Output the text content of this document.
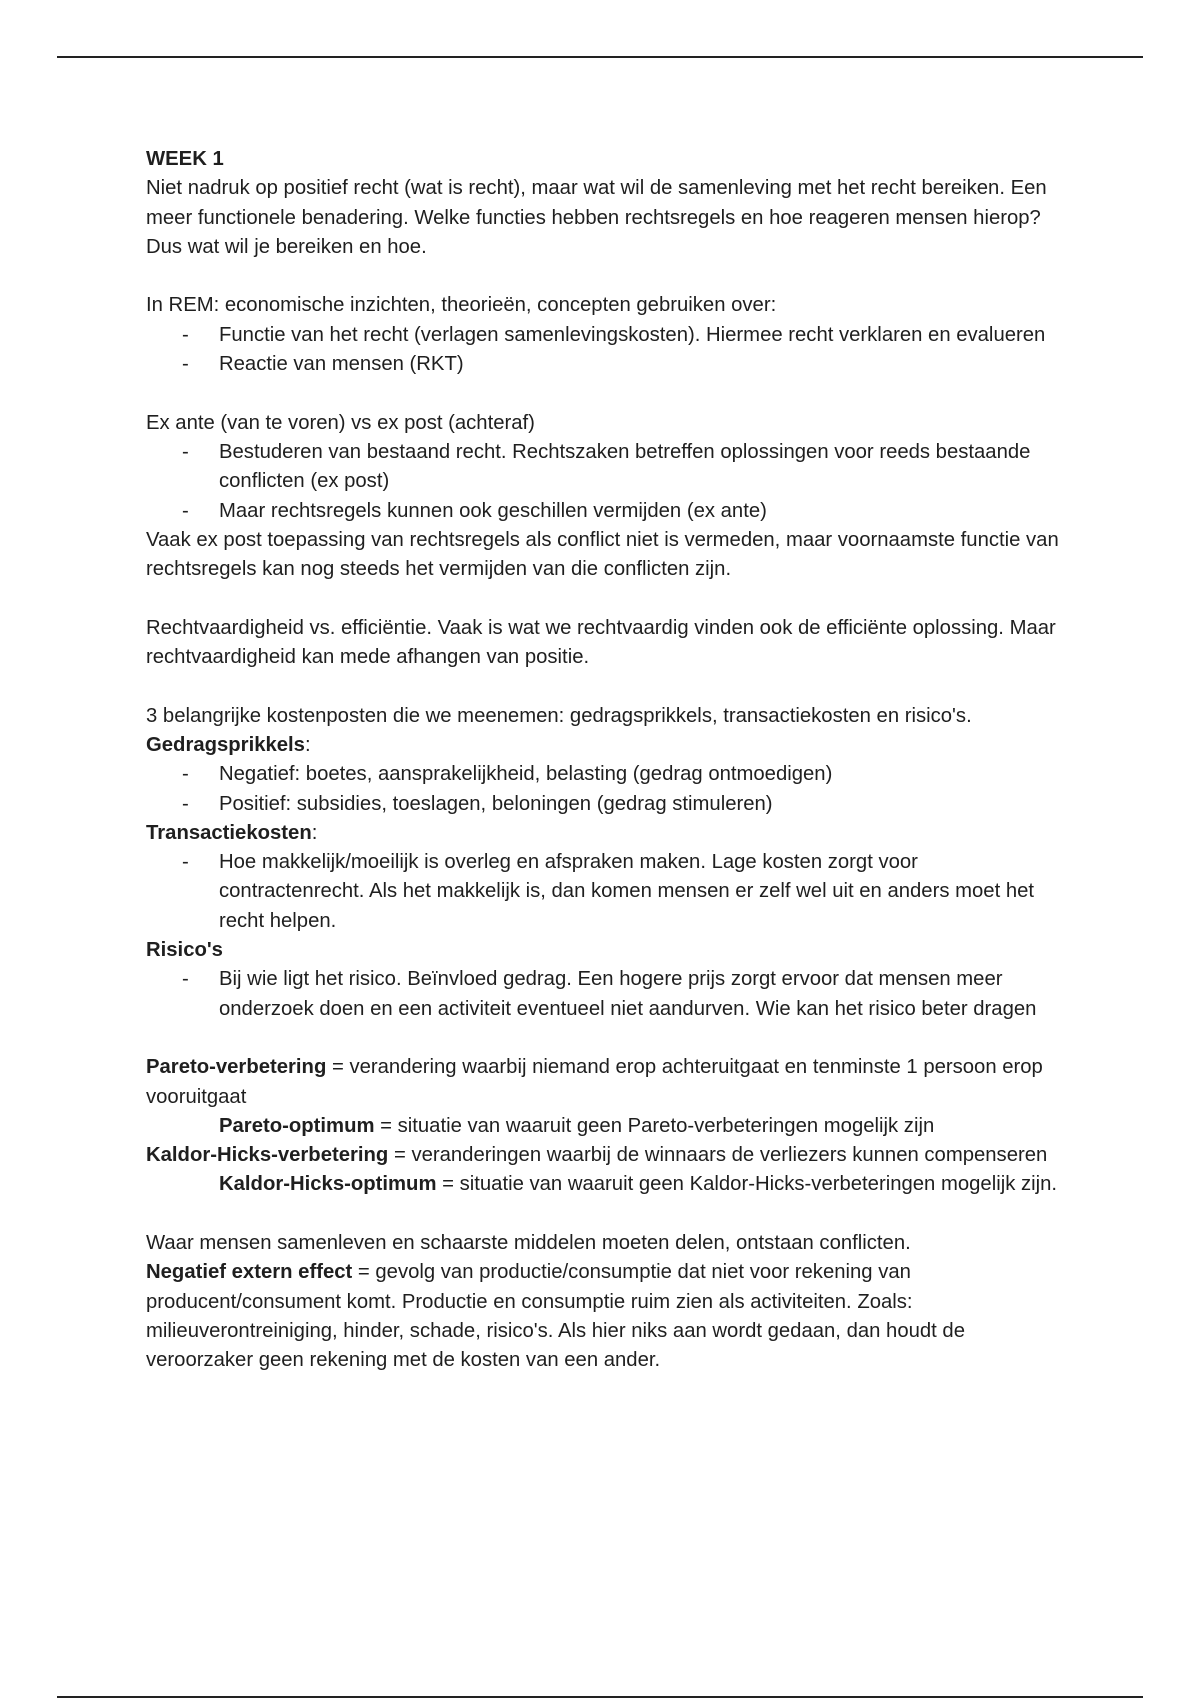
WEEK 1

Niet nadruk op positief recht (wat is recht), maar wat wil de samenleving met het recht bereiken. Een meer functionele benadering. Welke functies hebben rechtsregels en hoe reageren mensen hierop? Dus wat wil je bereiken en hoe.

In REM: economische inzichten, theorieën, concepten gebruiken over:

- Functie van het recht (verlagen samenlevingskosten). Hiermee recht verklaren en evalueren
- Reactie van mensen (RKT)

Ex ante (van te voren) vs ex post (achteraf)

- Bestuderen van bestaand recht. Rechtszaken betreffen oplossingen voor reeds bestaande conflicten (ex post)
- Maar rechtsregels kunnen ook geschillen vermijden (ex ante)

Vaak ex post toepassing van rechtsregels als conflict niet is vermeden, maar voornaamste functie van rechtsregels kan nog steeds het vermijden van die conflicten zijn.

Rechtvaardigheid vs. efficiëntie. Vaak is wat we rechtvaardig vinden ook de efficiënte oplossing. Maar rechtvaardigheid kan mede afhangen van positie.

3 belangrijke kostenposten die we meenemen: gedragsprikkels, transactiekosten en risico's.

Gedragsprikkels:

- Negatief: boetes, aansprakelijkheid, belasting (gedrag ontmoedigen)
- Positief: subsidies, toeslagen, beloningen (gedrag stimuleren)

Transactiekosten:

- Hoe makkelijk/moeilijk is overleg en afspraken maken. Lage kosten zorgt voor contractenrecht. Als het makkelijk is, dan komen mensen er zelf wel uit en anders moet het recht helpen.

Risico's

- Bij wie ligt het risico. Beïnvloed gedrag. Een hogere prijs zorgt ervoor dat mensen meer onderzoek doen en een activiteit eventueel niet aandurven. Wie kan het risico beter dragen

Pareto-verbetering = verandering waarbij niemand erop achteruitgaat en tenminste 1 persoon erop vooruitgaat

Pareto-optimum = situatie van waaruit geen Pareto-verbeteringen mogelijk zijn

Kaldor-Hicks-verbetering = veranderingen waarbij de winnaars de verliezers kunnen compenseren

Kaldor-Hicks-optimum = situatie van waaruit geen Kaldor-Hicks-verbeteringen mogelijk zijn.

Waar mensen samenleven en schaarste middelen moeten delen, ontstaan conflicten.

Negatief extern effect = gevolg van productie/consumptie dat niet voor rekening van producent/consument komt. Productie en consumptie ruim zien als activiteiten. Zoals: milieuverontreiniging, hinder, schade, risico's. Als hier niks aan wordt gedaan, dan houdt de veroorzaker geen rekening met de kosten van een ander.
